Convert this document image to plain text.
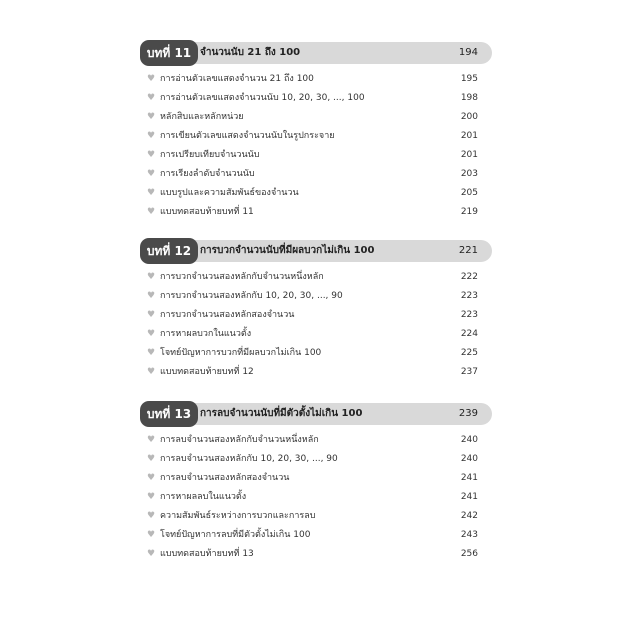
บทที่ 11 จำนวนนับ 21 ถึง 100	194
♥ การอ่านตัวเลขแสดงจำนวน 21 ถึง 100	195
♥ การอ่านตัวเลขแสดงจำนวนนับ 10, 20, 30, ..., 100	198
♥ หลักสิบและหลักหน่วย	200
♥ การเขียนตัวเลขแสดงจำนวนนับในรูปกระจาย	201
♥ การเปรียบเทียบจำนวนนับ	201
♥ การเรียงลำดับจำนวนนับ	203
♥ แบบรูปและความสัมพันธ์ของจำนวน	205
♥ แบบทดสอบท้ายบทที่ 11	219
บทที่ 12 การบวกจำนวนนับที่มีผลบวกไม่เกิน 100	221
♥ การบวกจำนวนสองหลักกับจำนวนหนึ่งหลัก	222
♥ การบวกจำนวนสองหลักกับ 10, 20, 30, ..., 90	223
♥ การบวกจำนวนสองหลักสองจำนวน	223
♥ การหาผลบวกในแนวตั้ง	224
♥ โจทย์ปัญหาการบวกที่มีผลบวกไม่เกิน 100	225
♥ แบบทดสอบท้ายบทที่ 12	237
บทที่ 13 การลบจำนวนนับที่มีตัวตั้งไม่เกิน 100	239
♥ การลบจำนวนสองหลักกับจำนวนหนึ่งหลัก	240
♥ การลบจำนวนสองหลักกับ 10, 20, 30, ..., 90	240
♥ การลบจำนวนสองหลักสองจำนวน	241
♥ การหาผลลบในแนวตั้ง	241
♥ ความสัมพันธ์ระหว่างการบวกและการลบ	242
♥ โจทย์ปัญหาการลบที่มีตัวตั้งไม่เกิน 100	243
♥ แบบทดสอบท้ายบทที่ 13	256
